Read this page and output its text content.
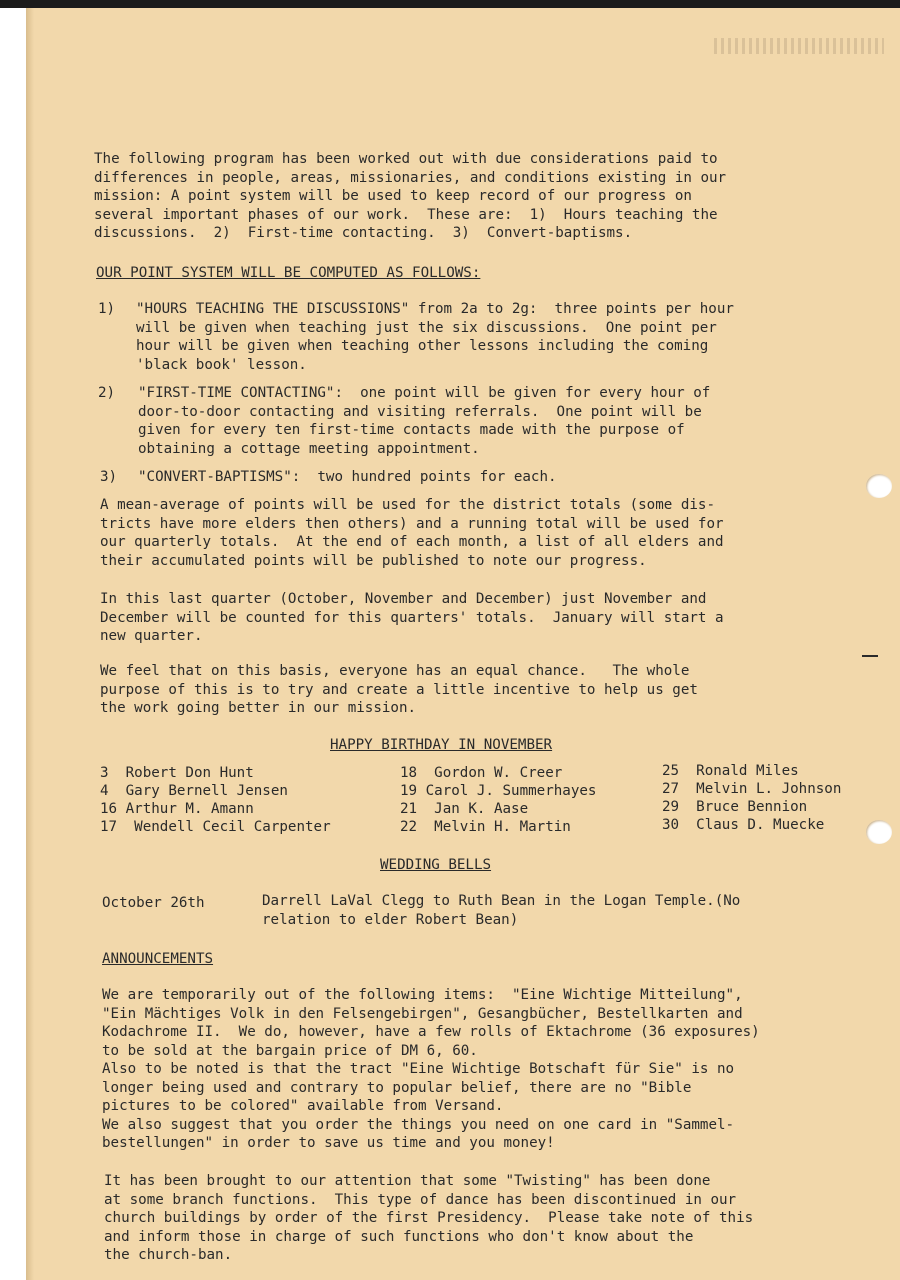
The following program has been worked out with due considerations paid to
differences in people, areas, missionaries, and conditions existing in our
mission: A point system will be used to keep record of our progress on
several important phases of our work.  These are:  1)  Hours teaching the
discussions.  2)  First-time contacting.  3)  Convert-baptisms.

OUR POINT SYSTEM WILL BE COMPUTED AS FOLLOWS:

1) "HOURS TEACHING THE DISCUSSIONS" from 2a to 2g:  three points per hour
will be given when teaching just the six discussions.  One point per
hour will be given when teaching other lessons including the coming
'black book' lesson.

2) "FIRST-TIME CONTACTING":  one point will be given for every hour of
door-to-door contacting and visiting referrals.  One point will be
given for every ten first-time contacts made with the purpose of
obtaining a cottage meeting appointment.

3) "CONVERT-BAPTISMS":  two hundred points for each.

A mean-average of points will be used for the district totals (some dis-
tricts have more elders then others) and a running total will be used for
our quarterly totals.  At the end of each month, a list of all elders and
their accumulated points will be published to note our progress.

In this last quarter (October, November and December) just November and
December will be counted for this quarters' totals.  January will start a
new quarter.

We feel that on this basis, everyone has an equal chance.   The whole
purpose of this is to try and create a little incentive to help us get
the work going better in our mission.

HAPPY BIRTHDAY IN NOVEMBER

3  Robert Don Hunt

4  Gary Bernell Jensen

16 Arthur M. Amann

17  Wendell Cecil Carpenter

18  Gordon W. Creer

19 Carol J. Summerhayes

21  Jan K. Aase

22  Melvin H. Martin

25  Ronald Miles

27  Melvin L. Johnson

29  Bruce Bennion

30  Claus D. Muecke

WEDDING BELLS

October 26th	Darrell LaVal Clegg to Ruth Bean in the Logan Temple.(No
relation to elder Robert Bean)

ANNOUNCEMENTS

We are temporarily out of the following items:  "Eine Wichtige Mitteilung",
"Ein Mächtiges Volk in den Felsengebirgen", Gesangbücher, Bestellkarten and
Kodachrome II.  We do, however, have a few rolls of Ektachrome (36 exposures)
to be sold at the bargain price of DM 6, 60.
Also to be noted is that the tract "Eine Wichtige Botschaft für Sie" is no
longer being used and contrary to popular belief, there are no "Bible
pictures to be colored" available from Versand.
We also suggest that you order the things you need on one card in "Sammel-
bestellungen" in order to save us time and you money!

It has been brought to our attention that some "Twisting" has been done
at some branch functions.  This type of dance has been discontinued in our
church buildings by order of the first Presidency.  Please take note of this
and inform those in charge of such functions who don't know about the
the church-ban.
